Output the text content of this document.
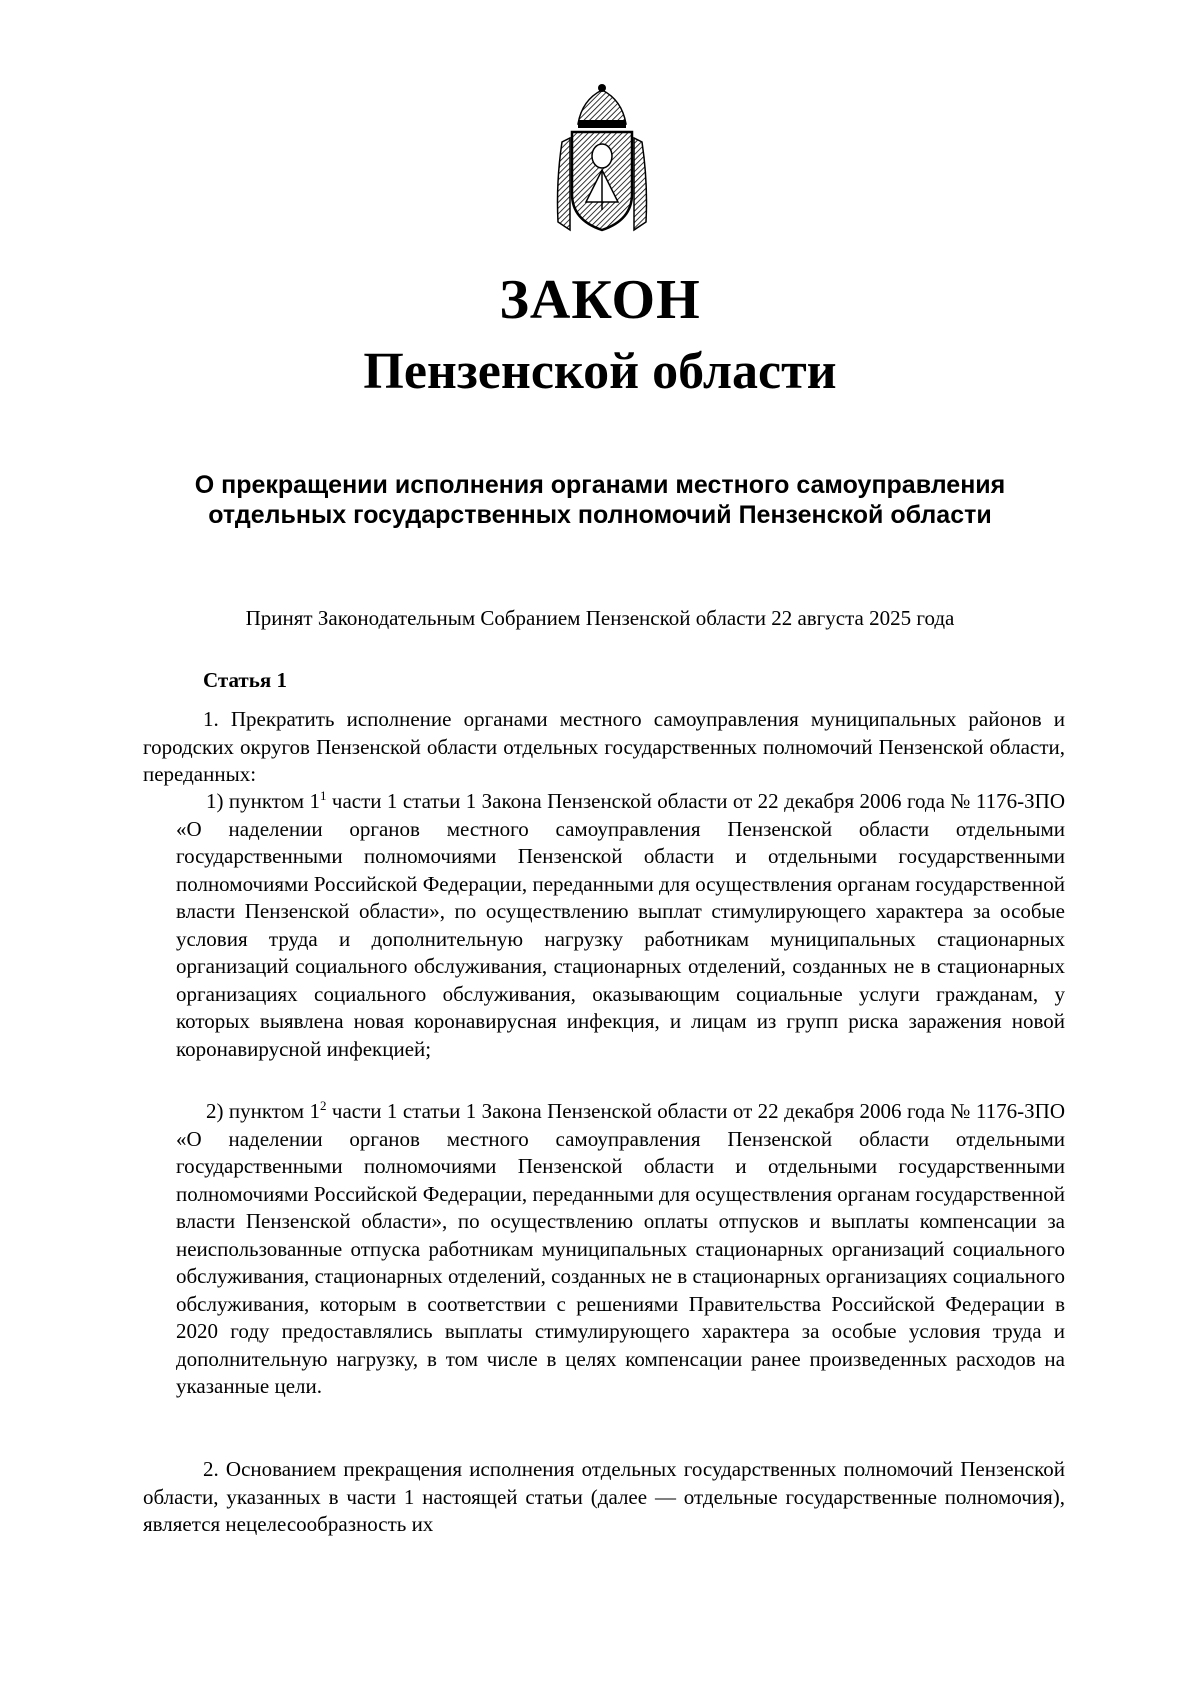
ЗАКОН
Пензенской области
О прекращении исполнения органами местного самоуправления отдельных государственных полномочий Пензенской области
Принят Законодательным Собранием Пензенской области 22 августа 2025 года
Статья 1
1. Прекратить исполнение органами местного самоуправления муниципальных районов и городских округов Пензенской области отдельных государственных полномочий Пензенской области, переданных:
1) пунктом $1^1$ части 1 статьи 1 Закона Пензенской области от 22 декабря 2006 года № 1176-ЗПО «О наделении органов местного самоуправления Пензенской области отдельными государственными полномочиями Пензенской области и отдельными государственными полномочиями Российской Федерации, переданными для осуществления органам государственной власти Пензенской области», по осуществлению выплат стимулирующего характера за особые условия труда и дополнительную нагрузку работникам муниципальных стационарных организаций социального обслуживания, стационарных отделений, созданных не в стационарных организациях социального обслуживания, оказывающим социальные услуги гражданам, у которых выявлена новая коронавирусная инфекция, и лицам из групп риска заражения новой коронавирусной инфекцией;
2) пунктом $1^2$ части 1 статьи 1 Закона Пензенской области от 22 декабря 2006 года № 1176-ЗПО «О наделении органов местного самоуправления Пензенской области отдельными государственными полномочиями Пензенской области и отдельными государственными полномочиями Российской Федерации, переданными для осуществления органам государственной власти Пензенской области», по осуществлению оплаты отпусков и выплаты компенсации за неиспользованные отпуска работникам муниципальных стационарных организаций социального обслуживания, стационарных отделений, созданных не в стационарных организациях социального обслуживания, которым в соответствии с решениями Правительства Российской Федерации в 2020 году предоставлялись выплаты стимулирующего характера за особые условия труда и дополнительную нагрузку, в том числе в целях компенсации ранее произведенных расходов на указанные цели.
2. Основанием прекращения исполнения отдельных государственных полномочий Пензенской области, указанных в части 1 настоящей статьи (далее — отдельные государственные полномочия), является нецелесообразность их
